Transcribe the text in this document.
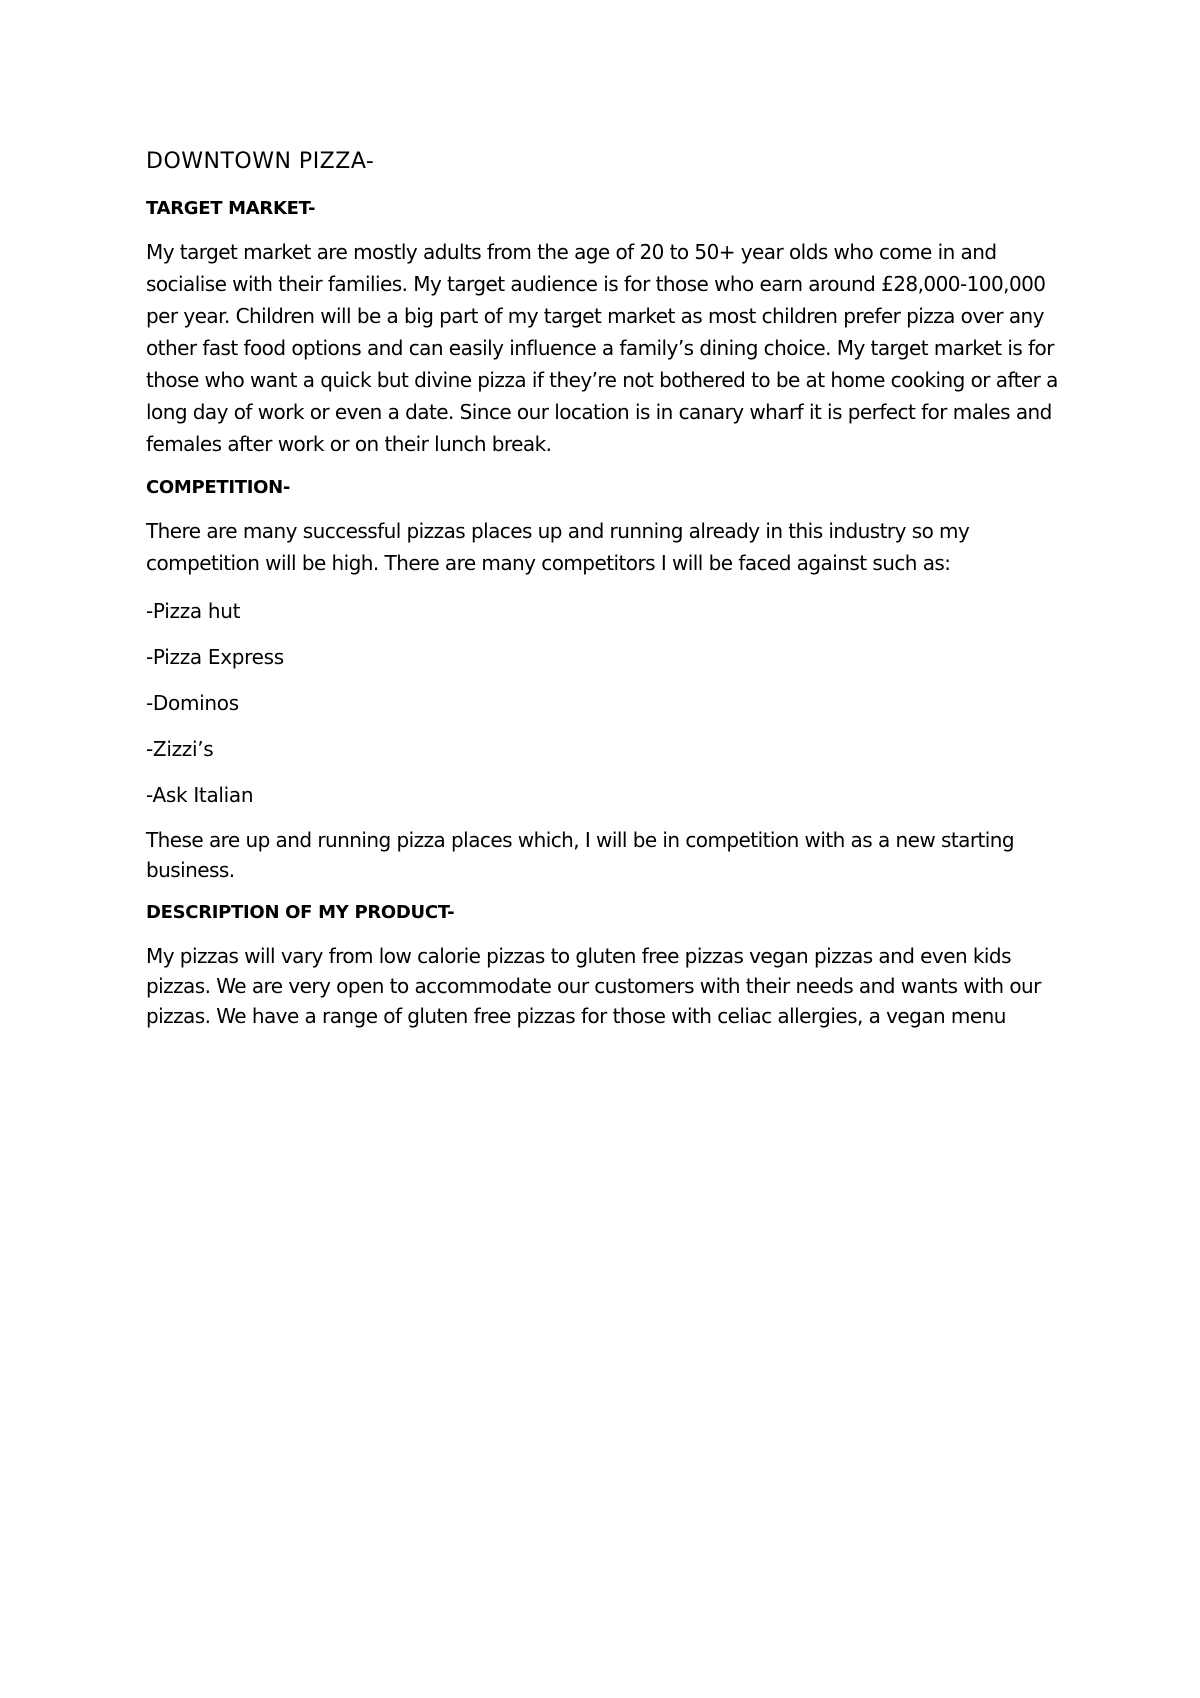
DOWNTOWN PIZZA-
TARGET MARKET-

My target market are mostly adults from the age of 20 to 50+ year olds who come in and socialise with their families. My target audience is for those who earn around £28,000-100,000 per year. Children will be a big part of my target market as most children prefer pizza over any other fast food options and can easily influence a family’s dining choice. My target market is for those who want a quick but divine pizza if they’re not bothered to be at home cooking or after a long day of work or even a date. Since our location is in canary wharf it is perfect for males and females after work or on their lunch break.

COMPETITION-

There are many successful pizzas places up and running already in this industry so my competition will be high. There are many competitors I will be faced against such as:

-Pizza hut

-Pizza Express

-Dominos

-Zizzi’s

-Ask Italian

These are up and running pizza places which, I will be in competition with as a new starting business.

DESCRIPTION OF MY PRODUCT-

My pizzas will vary from low calorie pizzas to gluten free pizzas vegan pizzas and even kids pizzas. We are very open to accommodate our customers with their needs and wants with our pizzas. We have a range of gluten free pizzas for those with celiac allergies, a vegan menu
